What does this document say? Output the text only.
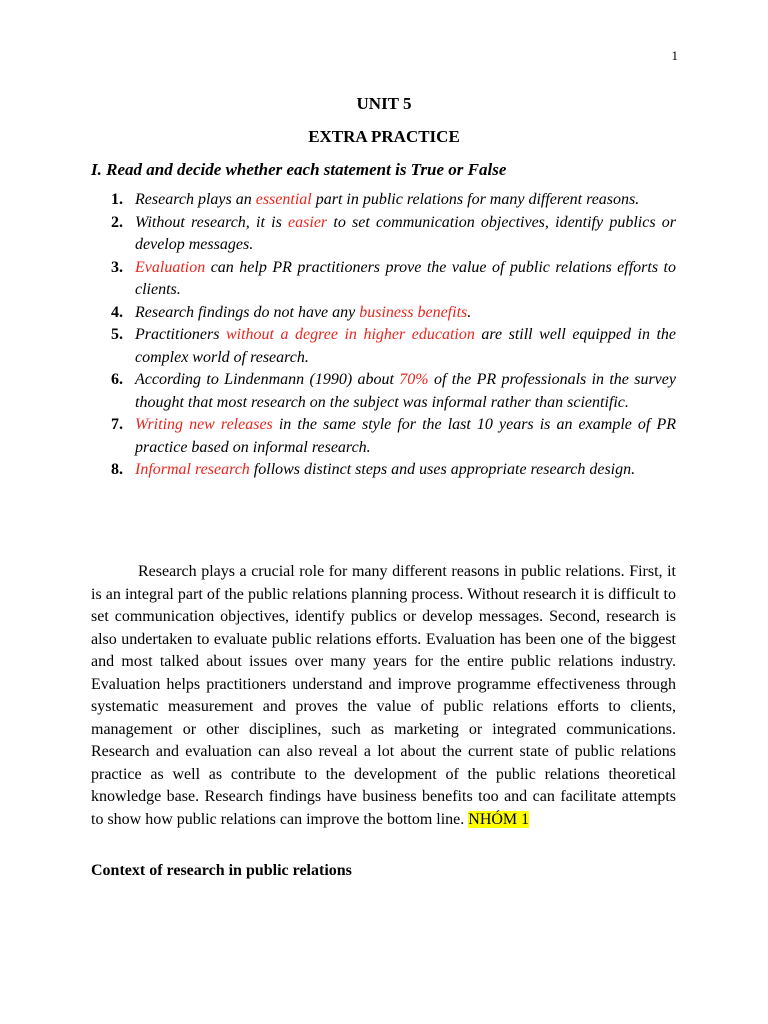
1
UNIT 5
EXTRA PRACTICE
I. Read and decide whether each statement is True or False
1. Research plays an essential part in public relations for many different reasons.
2. Without research, it is easier to set communication objectives, identify publics or develop messages.
3. Evaluation can help PR practitioners prove the value of public relations efforts to clients.
4. Research findings do not have any business benefits.
5. Practitioners without a degree in higher education are still well equipped in the complex world of research.
6. According to Lindenmann (1990) about 70% of the PR professionals in the survey thought that most research on the subject was informal rather than scientific.
7. Writing new releases in the same style for the last 10 years is an example of PR practice based on informal research.
8. Informal research follows distinct steps and uses appropriate research design.

Research plays a crucial role for many different reasons in public relations. First, it is an integral part of the public relations planning process. Without research it is difficult to set communication objectives, identify publics or develop messages. Second, research is also undertaken to evaluate public relations efforts. Evaluation has been one of the biggest and most talked about issues over many years for the entire public relations industry. Evaluation helps practitioners understand and improve programme effectiveness through systematic measurement and proves the value of public relations efforts to clients, management or other disciplines, such as marketing or integrated communications. Research and evaluation can also reveal a lot about the current state of public relations practice as well as contribute to the development of the public relations theoretical knowledge base. Research findings have business benefits too and can facilitate attempts to show how public relations can improve the bottom line. NHÓM 1

Context of research in public relations
